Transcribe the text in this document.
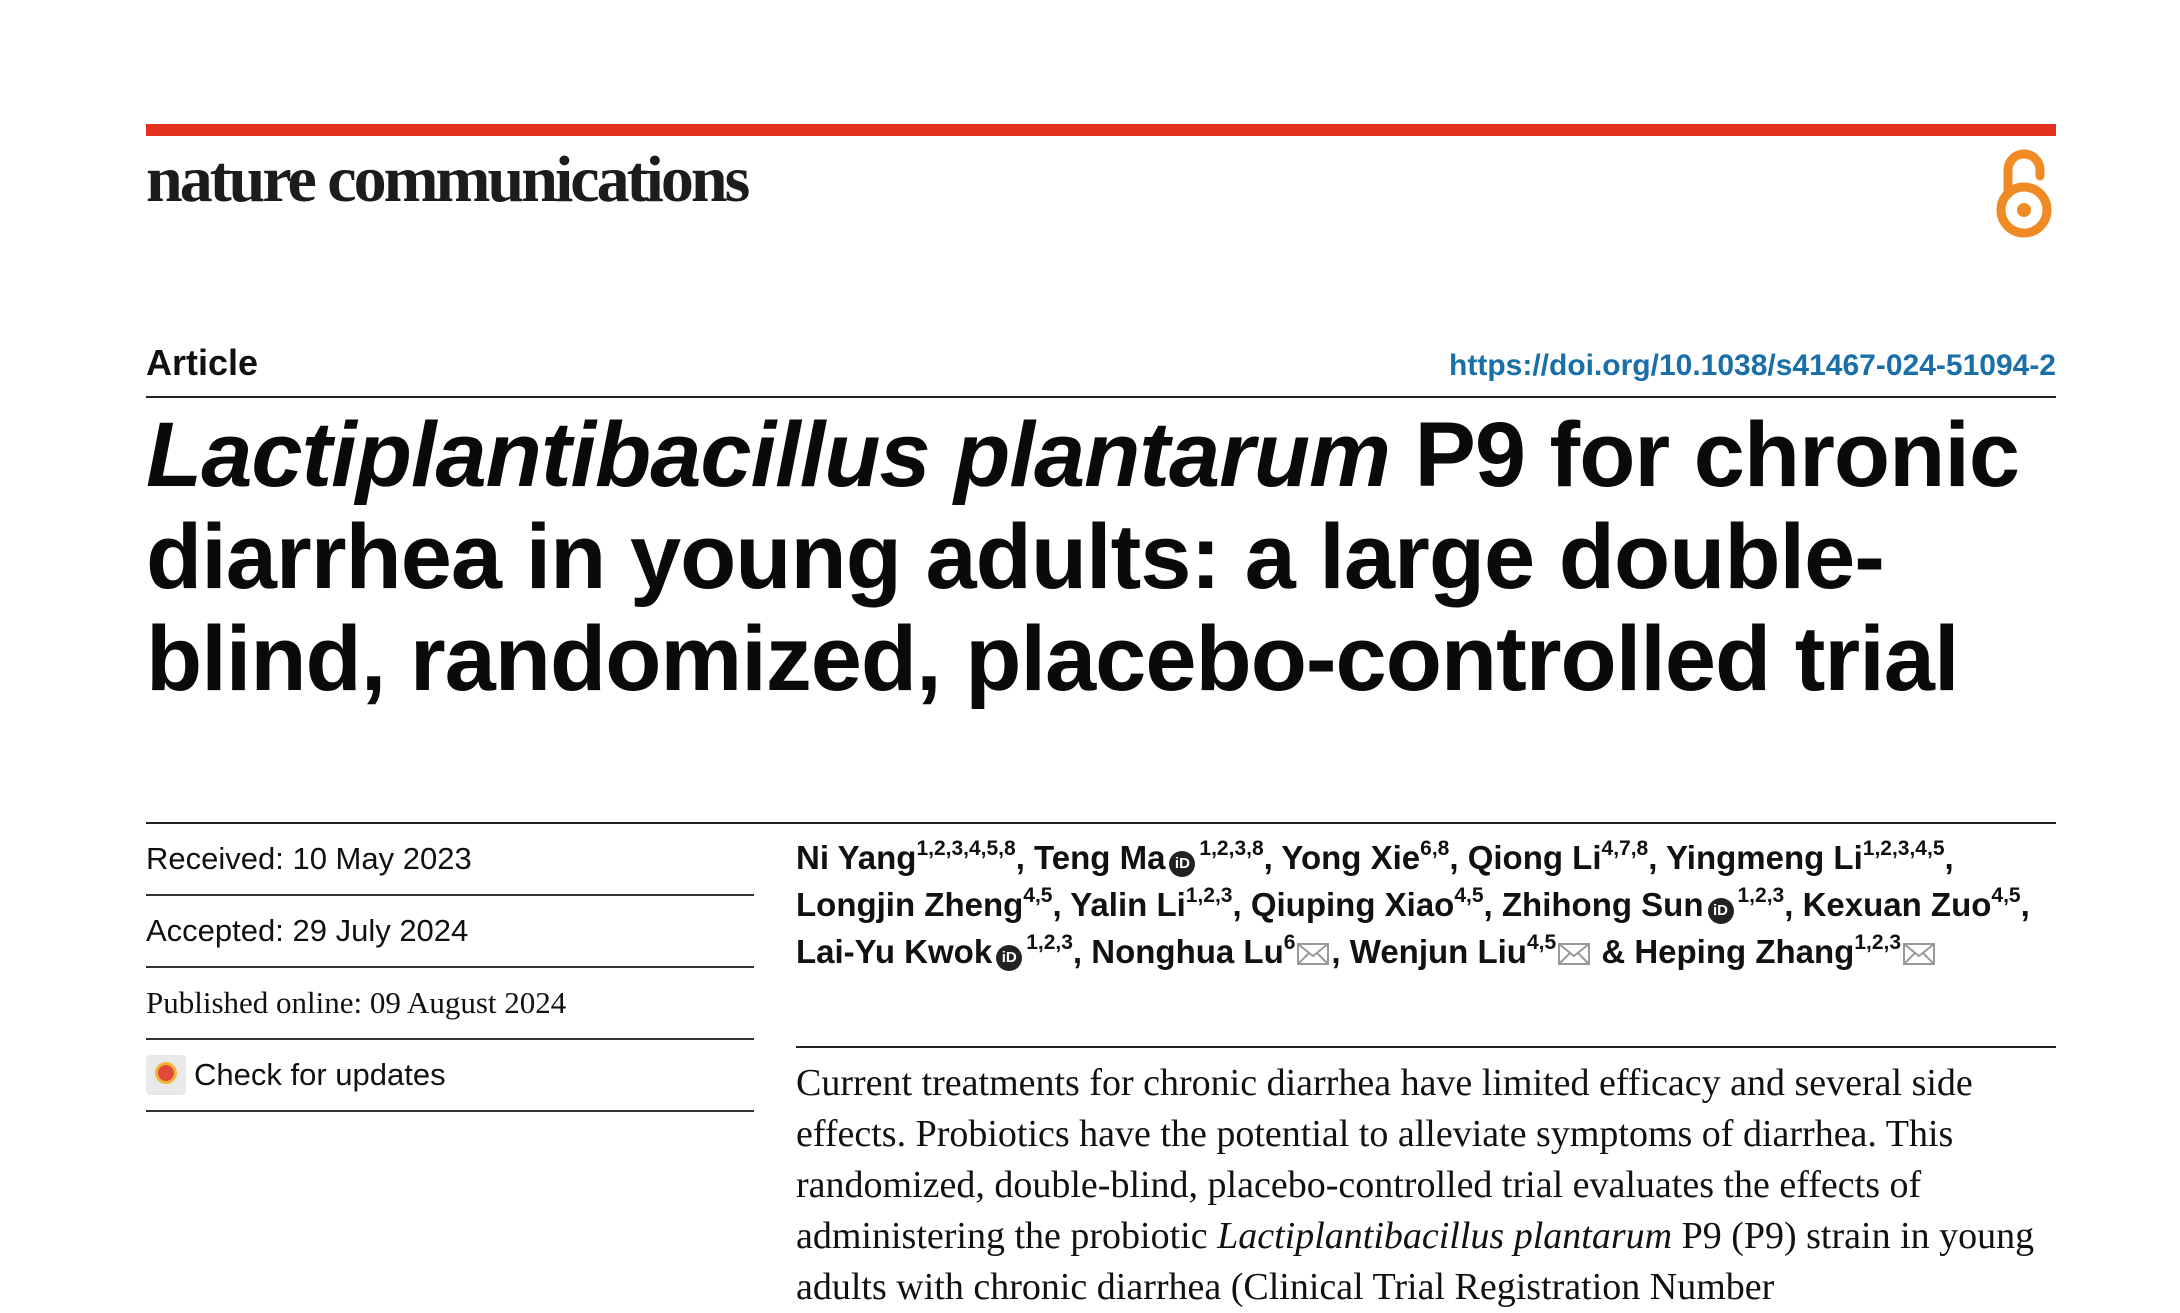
nature communications
Article	https://doi.org/10.1038/s41467-024-51094-2
Lactiplantibacillus plantarum P9 for chronic diarrhea in young adults: a large double-blind, randomized, placebo-controlled trial
Received: 10 May 2023
Accepted: 29 July 2024
Published online: 09 August 2024
Check for updates
Ni Yang$^{1,2,3,4,5,8}$, Teng Ma iD$^{1,2,3,8}$, Yong Xie$^{6,8}$, Qiong Li$^{4,7,8}$, Yingmeng Li$^{1,2,3,4,5}$, Longjin Zheng$^{4,5}$, Yalin Li$^{1,2,3}$, Qiuping Xiao$^{4,5}$, Zhihong Sun iD$^{1,2,3}$, Kexuan Zuo$^{4,5}$, Lai-Yu Kwok iD$^{1,2,3}$, Nonghua Lu$^6$ , Wenjun Liu$^{4,5}$ & Heping Zhang$^{1,2,3}$

Current treatments for chronic diarrhea have limited efficacy and several side effects. Probiotics have the potential to alleviate symptoms of diarrhea. This randomized, double-blind, placebo-controlled trial evaluates the effects of administering the probiotic Lactiplantibacillus plantarum P9 (P9) strain in young adults with chronic diarrhea (Clinical Trial Registration Number
